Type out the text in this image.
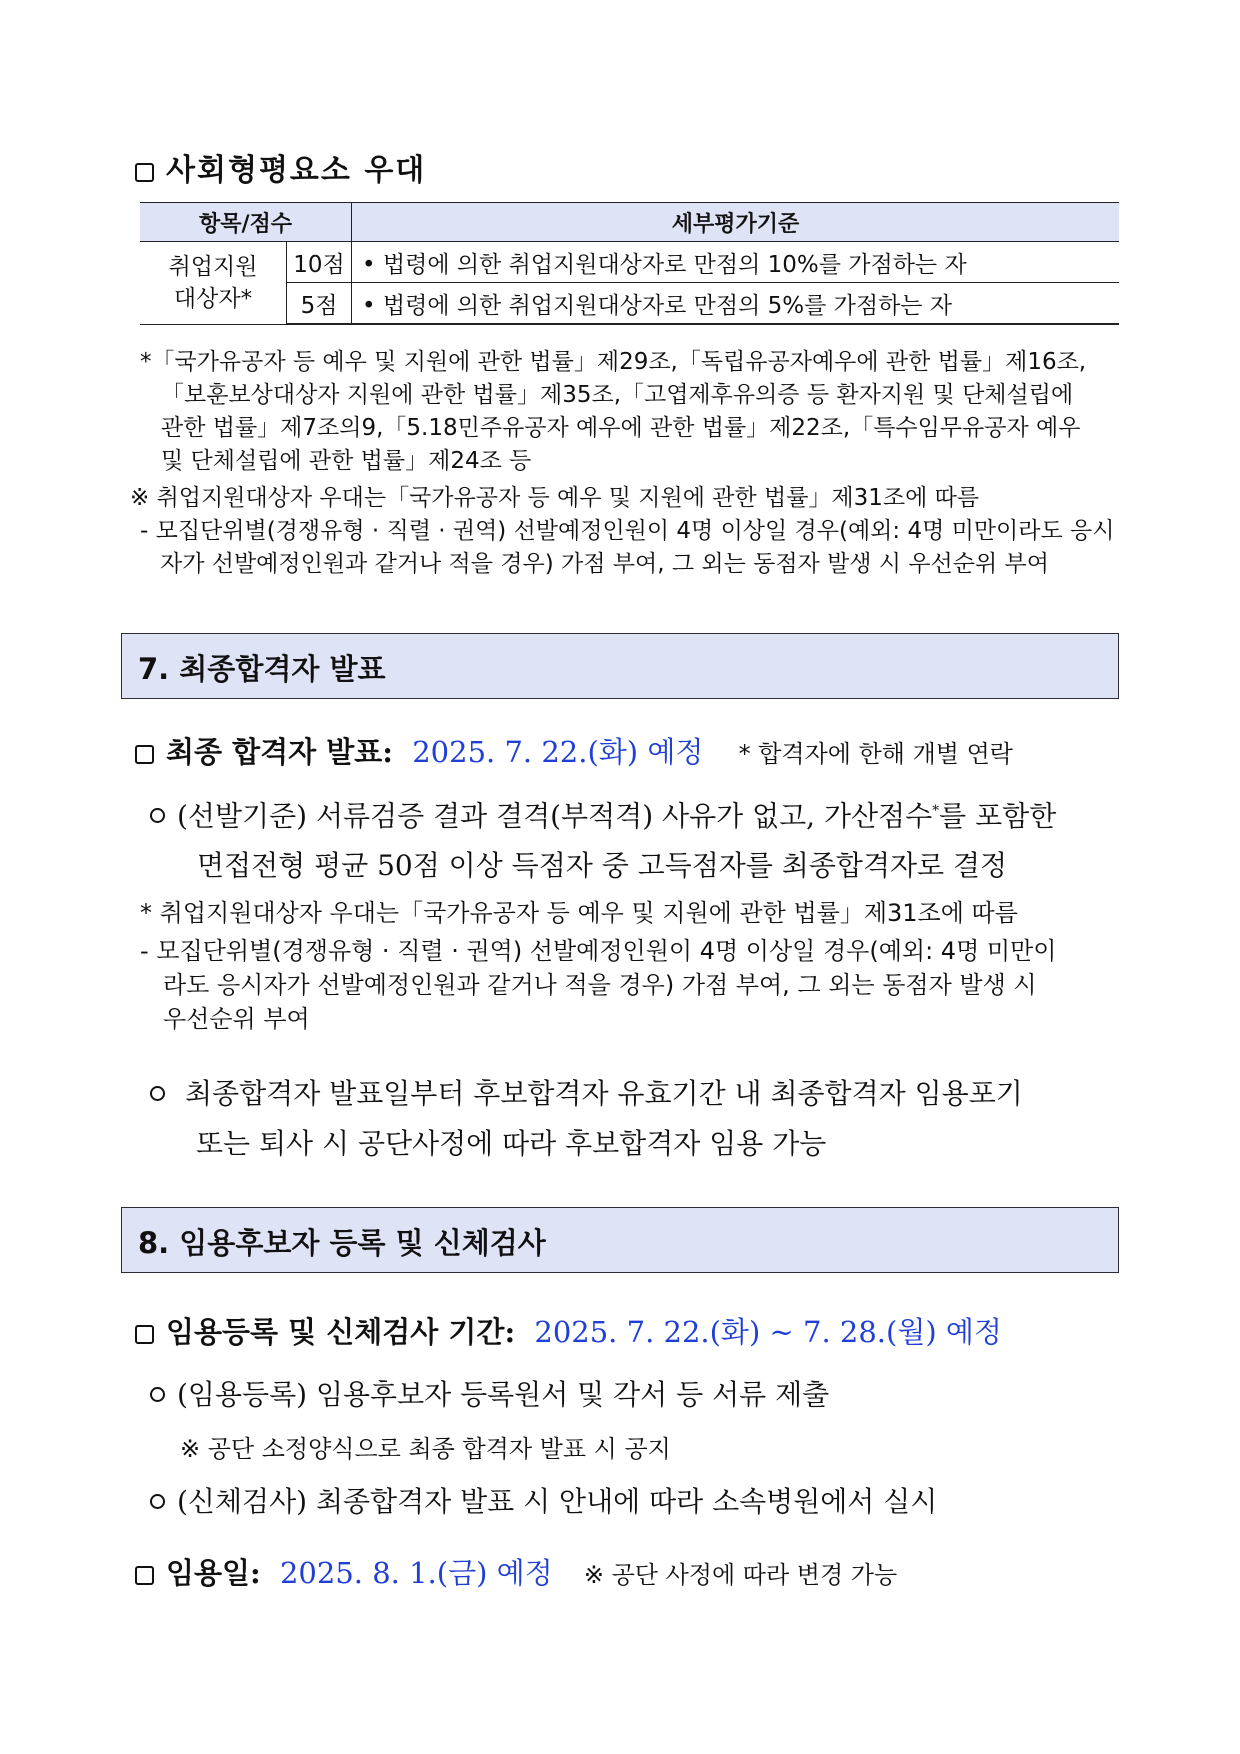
사회형평요소 우대
항목/점수		세부평가기준

취업지원
대상자*	10점	• 법령에 의한 취업지원대상자로 만점의 10%를 가점하는 자
	5점	• 법령에 의한 취업지원대상자로 만점의 5%를 가점하는 자
*「국가유공자 등 예우 및 지원에 관한 법률」제29조,「독립유공자예우에 관한 법률」제16조,
「보훈보상대상자 지원에 관한 법률」제35조,「고엽제후유의증 등 환자지원 및 단체설립에
관한 법률」제7조의9,「5.18민주유공자 예우에 관한 법률」제22조,「특수임무유공자 예우
및 단체설립에 관한 법률」제24조 등
※ 취업지원대상자 우대는「국가유공자 등 예우 및 지원에 관한 법률」제31조에 따름
- 모집단위별(경쟁유형 · 직렬 · 권역) 선발예정인원이 4명 이상일 경우(예외: 4명 미만이라도 응시
자가 선발예정인원과 같거나 적을 경우) 가점 부여, 그 외는 동점자 발생 시 우선순위 부여
7. 최종합격자 발표
최종 합격자 발표: 2025. 7. 22.(화) 예정 * 합격자에 한해 개별 연락
(선발기준) 서류검증 결과 결격(부적격) 사유가 없고, 가산점수*를 포함한
면접전형 평균 50점 이상 득점자 중 고득점자를 최종합격자로 결정
* 취업지원대상자 우대는「국가유공자 등 예우 및 지원에 관한 법률」제31조에 따름
- 모집단위별(경쟁유형 · 직렬 · 권역) 선발예정인원이 4명 이상일 경우(예외: 4명 미만이
라도 응시자가 선발예정인원과 같거나 적을 경우) 가점 부여, 그 외는 동점자 발생 시
우선순위 부여
최종합격자 발표일부터 후보합격자 유효기간 내 최종합격자 임용포기
또는 퇴사 시 공단사정에 따라 후보합격자 임용 가능
8. 임용후보자 등록 및 신체검사
임용등록 및 신체검사 기간: 2025. 7. 22.(화) ~ 7. 28.(월) 예정
(임용등록) 임용후보자 등록원서 및 각서 등 서류 제출
※ 공단 소정양식으로 최종 합격자 발표 시 공지
(신체검사) 최종합격자 발표 시 안내에 따라 소속병원에서 실시
임용일: 2025. 8. 1.(금) 예정 ※ 공단 사정에 따라 변경 가능
